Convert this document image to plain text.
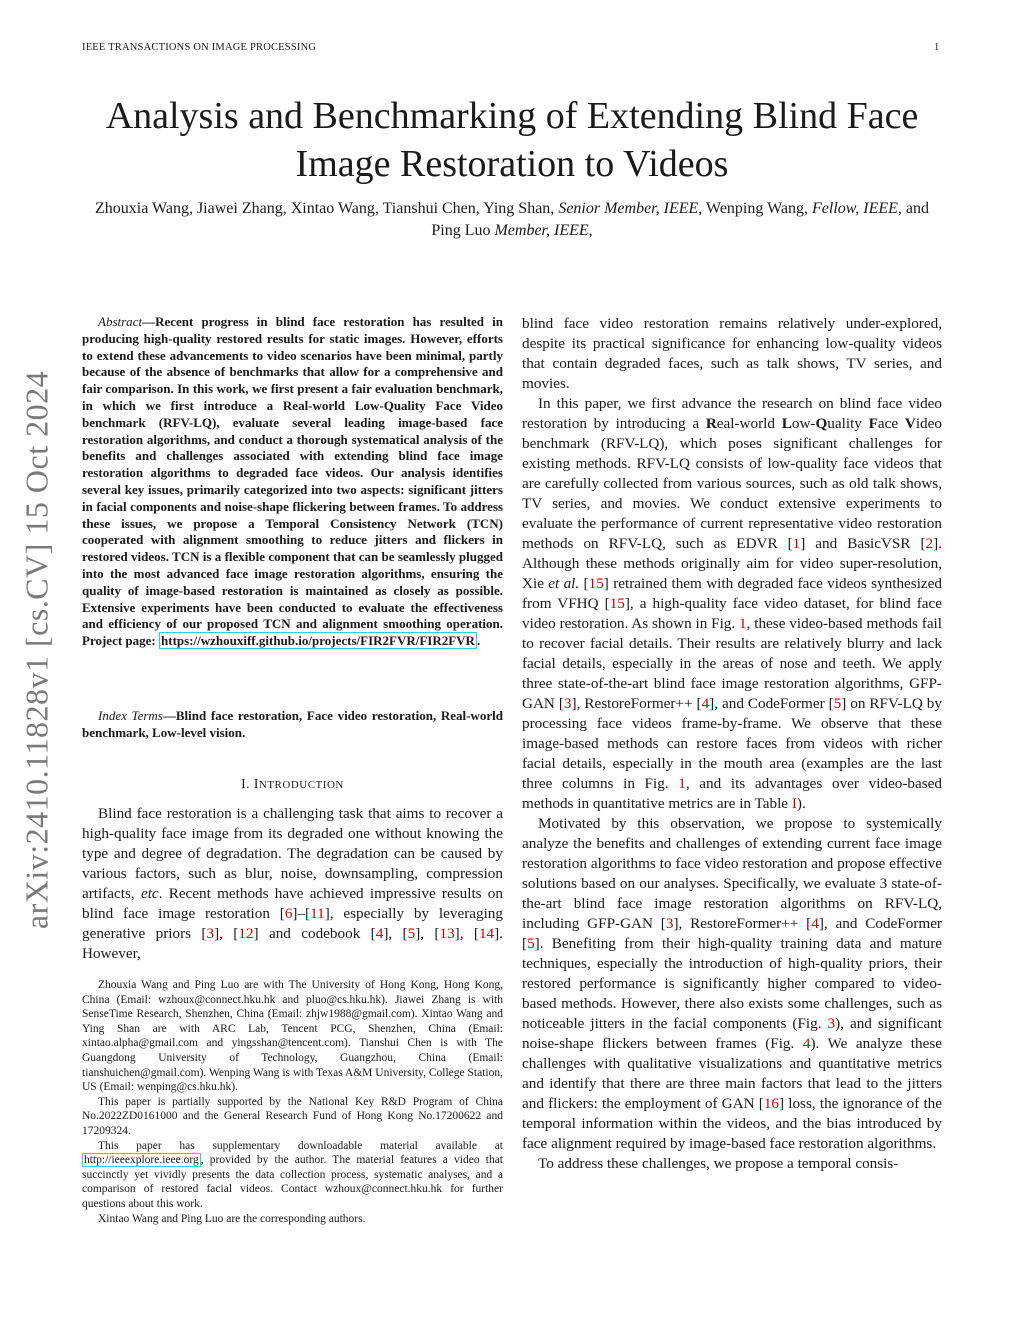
IEEE TRANSACTIONS ON IMAGE PROCESSING	1
arXiv:2410.11828v1 [cs.CV] 15 Oct 2024
Analysis and Benchmarking of Extending Blind Face Image Restoration to Videos
Zhouxia Wang, Jiawei Zhang, Xintao Wang, Tianshui Chen, Ying Shan, Senior Member, IEEE, Wenping Wang, Fellow, IEEE, and Ping Luo Member, IEEE,
Abstract—Recent progress in blind face restoration has resulted in producing high-quality restored results for static images. However, efforts to extend these advancements to video scenarios have been minimal, partly because of the absence of benchmarks that allow for a comprehensive and fair comparison. In this work, we first present a fair evaluation benchmark, in which we first introduce a Real-world Low-Quality Face Video benchmark (RFV-LQ), evaluate several leading image-based face restoration algorithms, and conduct a thorough systematical analysis of the benefits and challenges associated with extending blind face image restoration algorithms to degraded face videos. Our analysis identifies several key issues, primarily categorized into two aspects: significant jitters in facial components and noise-shape flickering between frames. To address these issues, we propose a Temporal Consistency Network (TCN) cooperated with alignment smoothing to reduce jitters and flickers in restored videos. TCN is a flexible component that can be seamlessly plugged into the most advanced face image restoration algorithms, ensuring the quality of image-based restoration is maintained as closely as possible. Extensive experiments have been conducted to evaluate the effectiveness and efficiency of our proposed TCN and alignment smoothing operation. Project page: https://wzhouxiff.github.io/projects/FIR2FVR/FIR2FVR .
Index Terms—Blind face restoration, Face video restoration, Real-world benchmark, Low-level vision.
I. INTRODUCTION

Blind face restoration is a challenging task that aims to recover a high-quality face image from its degraded one without knowing the type and degree of degradation. The degradation can be caused by various factors, such as blur, noise, downsampling, compression artifacts, etc. Recent methods have achieved impressive results on blind face image restoration [6]–[11], especially by leveraging generative priors [3], [12] and codebook [4], [5], [13], [14]. However,

Zhouxia Wang and Ping Luo are with The University of Hong Kong, Hong Kong, China (Email: wzhoux@connect.hku.hk and pluo@cs.hku.hk). Jiawei Zhang is with SenseTime Research, Shenzhen, China (Email: zhjw1988@gmail.com). Xintao Wang and Ying Shan are with ARC Lab, Tencent PCG, Shenzhen, China (Email: xintao.alpha@gmail.com and yingsshan@tencent.com). Tianshui Chen is with The Guangdong University of Technology, Guangzhou, China (Email: tianshuichen@gmail.com). Wenping Wang is with Texas A&M University, College Station, US (Email: wenping@cs.hku.hk).

This paper is partially supported by the National Key R&D Program of China No.2022ZD0161000 and the General Research Fund of Hong Kong No.17200622 and 17209324.

This paper has supplementary downloadable material available at http://ieeexplore.ieee.org , provided by the author. The material features a video that succinctly yet vividly presents the data collection process, systematic analyses, and a comparison of restored facial videos. Contact wzhoux@connect.hku.hk for further questions about this work.

Xintao Wang and Ping Luo are the corresponding authors.

blind face video restoration remains relatively under-explored, despite its practical significance for enhancing low-quality videos that contain degraded faces, such as talk shows, TV series, and movies.

In this paper, we first advance the research on blind face video restoration by introducing a Real-world Low-Quality Face Video benchmark (RFV-LQ), which poses significant challenges for existing methods. RFV-LQ consists of low-quality face videos that are carefully collected from various sources, such as old talk shows, TV series, and movies. We conduct extensive experiments to evaluate the performance of current representative video restoration methods on RFV-LQ, such as EDVR [1] and BasicVSR [2]. Although these methods originally aim for video super-resolution, Xie et al. [15] retrained them with degraded face videos synthesized from VFHQ [15], a high-quality face video dataset, for blind face video restoration. As shown in Fig. 1, these video-based methods fail to recover facial details. Their results are relatively blurry and lack facial details, especially in the areas of nose and teeth. We apply three state-of-the-art blind face image restoration algorithms, GFP-GAN [3], RestoreFormer++ [4], and CodeFormer [5] on RFV-LQ by processing face videos frame-by-frame. We observe that these image-based methods can restore faces from videos with richer facial details, especially in the mouth area (examples are the last three columns in Fig. 1, and its advantages over video-based methods in quantitative metrics are in Table I).

Motivated by this observation, we propose to systemically analyze the benefits and challenges of extending current face image restoration algorithms to face video restoration and propose effective solutions based on our analyses. Specifically, we evaluate 3 state-of-the-art blind face image restoration algorithms on RFV-LQ, including GFP-GAN [3], RestoreFormer++ [4], and CodeFormer [5]. Benefiting from their high-quality training data and mature techniques, especially the introduction of high-quality priors, their restored performance is significantly higher compared to video-based methods. However, there also exists some challenges, such as noticeable jitters in the facial components (Fig. 3), and significant noise-shape flickers between frames (Fig. 4). We analyze these challenges with qualitative visualizations and quantitative metrics and identify that there are three main factors that lead to the jitters and flickers: the employment of GAN [16] loss, the ignorance of the temporal information within the videos, and the bias introduced by face alignment required by image-based face restoration algorithms.

To address these challenges, we propose a temporal consis-
